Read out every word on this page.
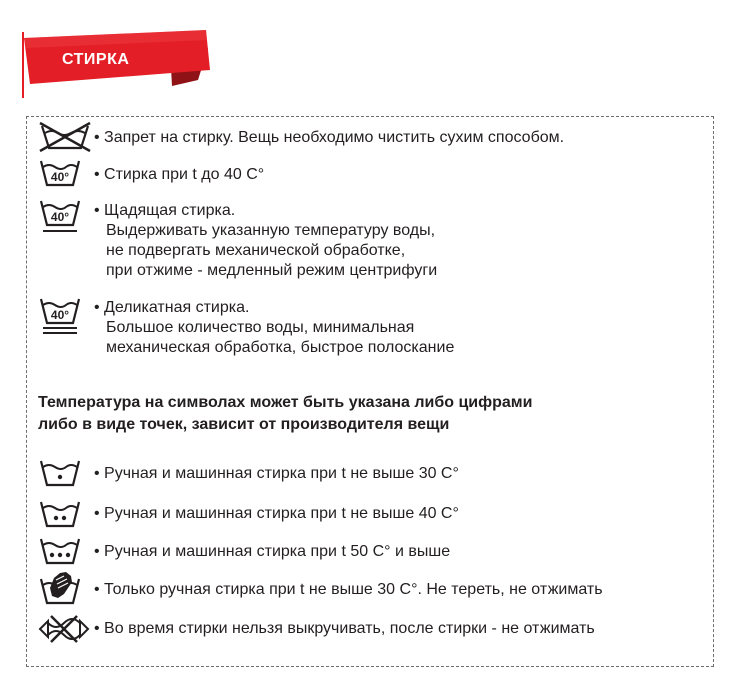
СТИРКА

40°
40°
40°

• Запрет на стирку. Вещь необходимо чистить сухим способом.

• Стирка при t до 40 С°

• Щадящая стирка.
Выдерживать указанную температуру воды,
не подвергать механической обработке,
при отжиме - медленный режим центрифуги

• Деликатная стирка.
Большое количество воды, минимальная
механическая обработка, быстрое полоскание

Температура на символах может быть указана либо цифрами
либо в виде точек, зависит от производителя вещи

• Ручная и машинная стирка при t не выше 30 С°

• Ручная и машинная стирка при t не выше 40 С°

• Ручная и машинная стирка при t 50 С° и выше

• Только ручная стирка при t не выше 30 С°. Не тереть, не отжимать

• Во время стирки нельзя выкручивать, после стирки - не отжимать
